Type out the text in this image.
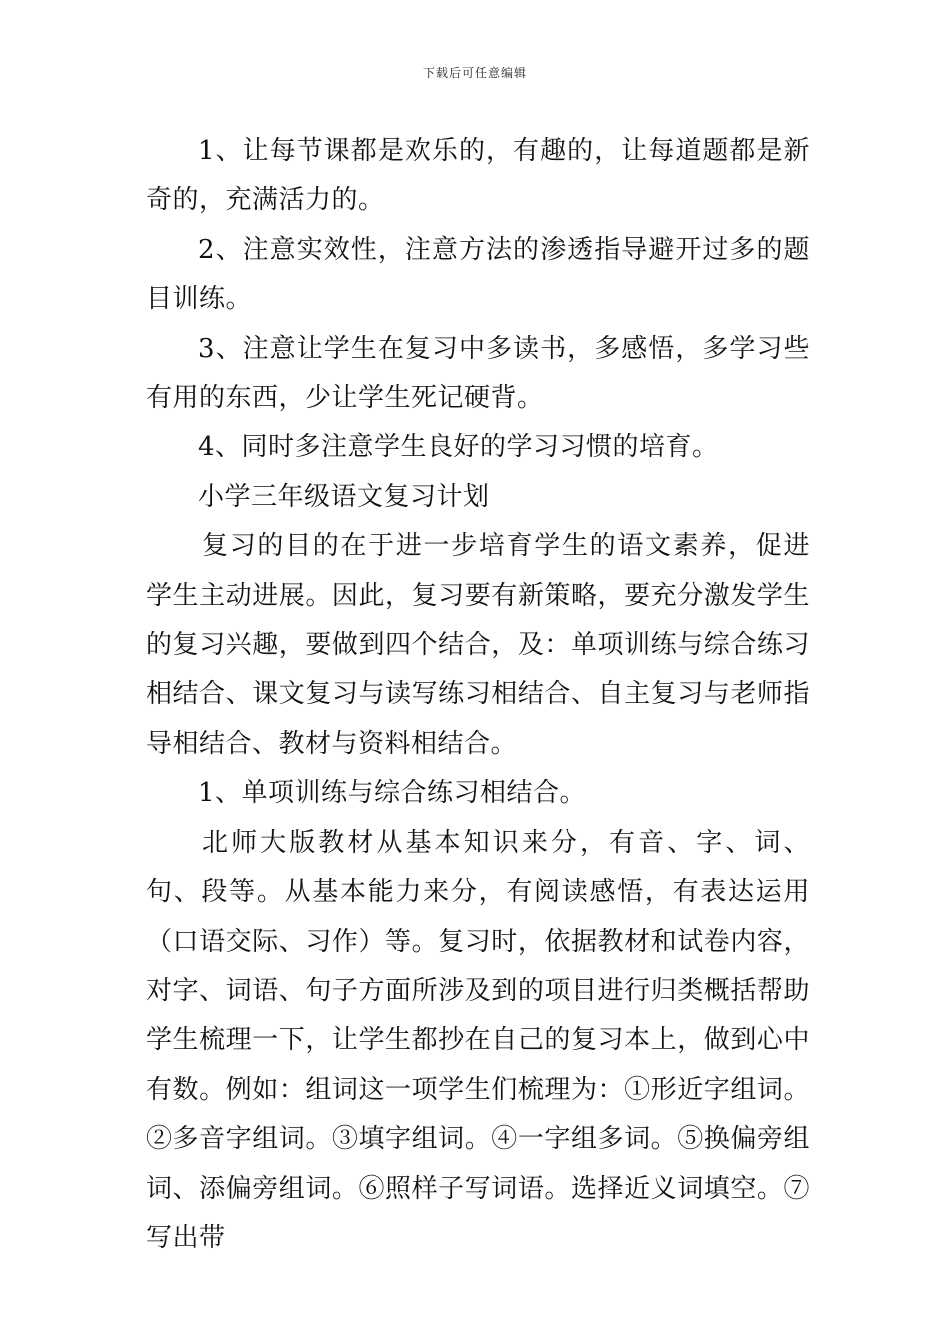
下载后可任意编辑

1、让每节课都是欢乐的，有趣的，让每道题都是新奇的，充满活力的。

2、注意实效性，注意方法的渗透指导避开过多的题目训练。

3、注意让学生在复习中多读书，多感悟，多学习些有用的东西，少让学生死记硬背。

4、同时多注意学生良好的学习习惯的培育。

小学三年级语文复习计划

复习的目的在于进一步培育学生的语文素养，促进学生主动进展。因此，复习要有新策略，要充分激发学生的复习兴趣，要做到四个结合，及：单项训练与综合练习相结合、课文复习与读写练习相结合、自主复习与老师指导相结合、教材与资料相结合。

1、单项训练与综合练习相结合。

北师大版教材从基本知识来分，有音、字、词、句、段等。从基本能力来分，有阅读感悟，有表达运用（口语交际、习作）等。复习时，依据教材和试卷内容，对字、词语、句子方面所涉及到的项目进行归类概括帮助学生梳理一下，让学生都抄在自己的复习本上，做到心中有数。例如：组词这一项学生们梳理为：①形近字组词。②多音字组词。③填字组词。④一字组多词。⑤换偏旁组词、添偏旁组词。⑥照样子写词语。选择近义词填空。⑦写出带
